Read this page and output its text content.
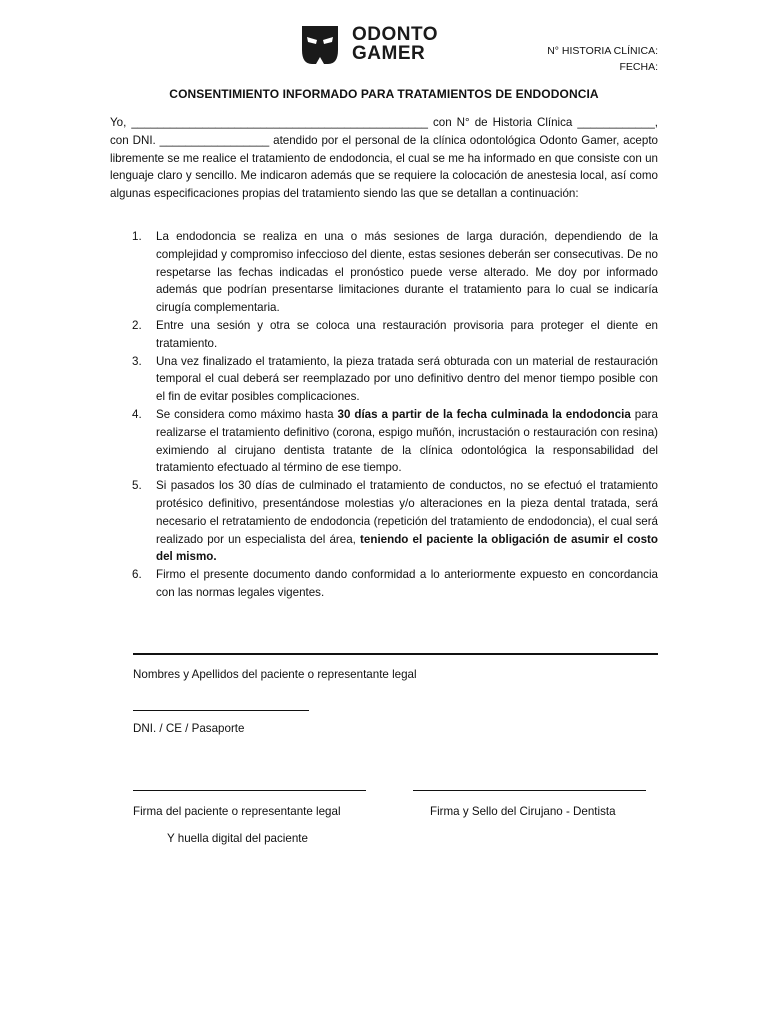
ODONTO
GAMER	N° HISTORIA CLÍNICA:
FECHA:
CONSENTIMIENTO INFORMADO PARA TRATAMIENTOS DE ENDODONCIA
Yo, ______________________________________________ con N° de Historia Clínica ____________, con DNI. _________________ atendido por el personal de la clínica odontológica Odonto Gamer, acepto libremente se me realice el tratamiento de endodoncia, el cual se me ha informado en que consiste con un lenguaje claro y sencillo. Me indicaron además que se requiere la colocación de anestesia local, así como algunas especificaciones propias del tratamiento siendo las que se detallan a continuación:
1. La endodoncia se realiza en una o más sesiones de larga duración, dependiendo de la complejidad y compromiso infeccioso del diente, estas sesiones deberán ser consecutivas. De no respetarse las fechas indicadas el pronóstico puede verse alterado. Me doy por informado además que podrían presentarse limitaciones durante el tratamiento para lo cual se indicaría cirugía complementaria.
2. Entre una sesión y otra se coloca una restauración provisoria para proteger el diente en tratamiento.
3. Una vez finalizado el tratamiento, la pieza tratada será obturada con un material de restauración temporal el cual deberá ser reemplazado por uno definitivo dentro del menor tiempo posible con el fin de evitar posibles complicaciones.
4. Se considera como máximo hasta 30 días a partir de la fecha culminada la endodoncia para realizarse el tratamiento definitivo (corona, espigo muñón, incrustación o restauración con resina) eximiendo al cirujano dentista tratante de la clínica odontológica la responsabilidad del tratamiento efectuado al término de ese tiempo.
5. Si pasados los 30 días de culminado el tratamiento de conductos, no se efectuó el tratamiento protésico definitivo, presentándose molestias y/o alteraciones en la pieza dental tratada, será necesario el retratamiento de endodoncia (repetición del tratamiento de endodoncia), el cual será realizado por un especialista del área, teniendo el paciente la obligación de asumir el costo del mismo.
6. Firmo el presente documento dando conformidad a lo anteriormente expuesto en concordancia con las normas legales vigentes.
Nombres y Apellidos del paciente o representante legal
DNI. / CE / Pasaporte
Firma del paciente o representante legal	Firma y Sello del Cirujano - Dentista
Y huella digital del paciente
